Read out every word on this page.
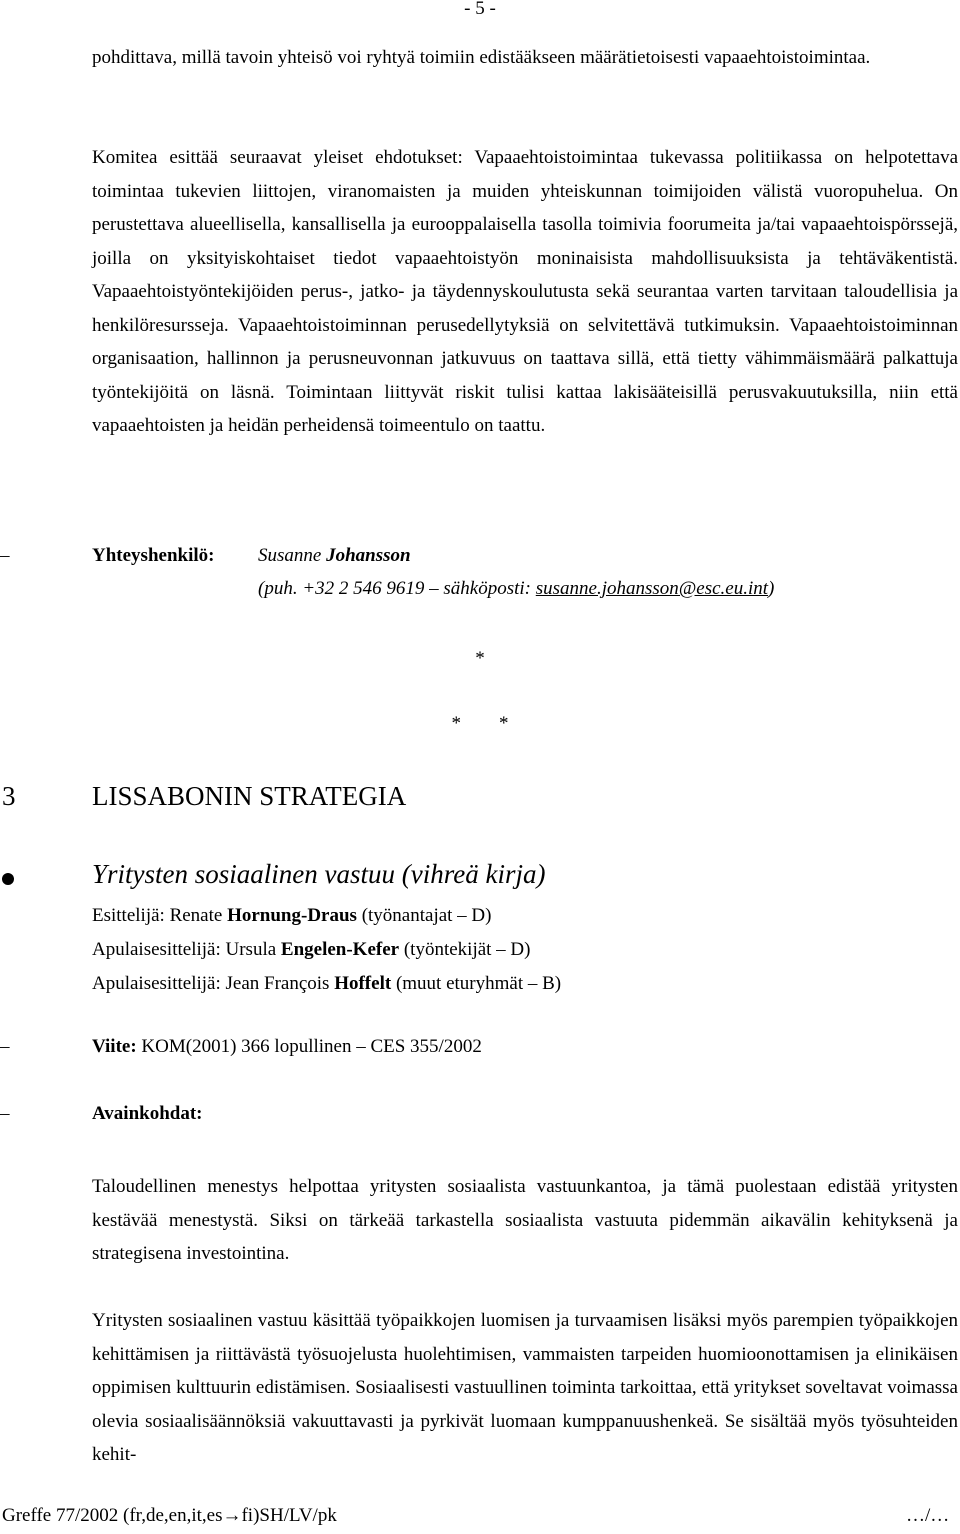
- 5 -
pohdittava, millä tavoin yhteisö voi ryhtyä toimiin edistääkseen määrätietoisesti vapaaehtoistoimintaa.
Komitea esittää seuraavat yleiset ehdotukset: Vapaaehtoistoimintaa tukevassa politiikassa on helpotettava toimintaa tukevien liittojen, viranomaisten ja muiden yhteiskunnan toimijoiden välistä vuoropuhelua. On perustettava alueellisella, kansallisella ja eurooppalaisella tasolla toimivia foorumeita ja/tai vapaaehtoispörssejä, joilla on yksityiskohtaiset tiedot vapaaehtoistyön moninaisista mahdollisuuksista ja tehtäväkentistä. Vapaaehtoistyöntekijöiden perus-, jatko- ja täydennyskoulutusta sekä seurantaa varten tarvitaan taloudellisia ja henkilöresursseja. Vapaaehtoistoiminnan perusedellytyksiä on selvitettävä tutkimuksin. Vapaaehtoistoiminnan organisaation, hallinnon ja perusneuvonnan jatkuvuus on taattava sillä, että tietty vähimmäismäärä palkattuja työntekijöitä on läsnä. Toimintaan liittyvät riskit tulisi kattaa lakisääteisillä perusvakuutuksilla, niin että vapaaehtoisten ja heidän perheidensä toimeentulo on taattu.
–	Yhteyshenkilö: Susanne Johansson
(puh. +32 2 546 9619 – sähköposti: susanne.johansson@esc.eu.int)
*
*        *
3	LISSABONIN STRATEGIA
Yritysten sosiaalinen vastuu (vihreä kirja)
Esittelijä: Renate Hornung-Draus (työnantajat – D)
Apulaisesittelijä: Ursula Engelen-Kefer (työntekijät – D)
Apulaisesittelijä: Jean François Hoffelt (muut eturyhmät – B)
–	Viite: KOM(2001) 366 lopullinen – CES 355/2002
–	Avainkohdat:
Taloudellinen menestys helpottaa yritysten sosiaalista vastuunkantoa, ja tämä puolestaan edistää yritysten kestävää menestystä. Siksi on tärkeää tarkastella sosiaalista vastuuta pidemmän aikavälin kehityksenä ja strategisena investointina.
Yritysten sosiaalinen vastuu käsittää työpaikkojen luomisen ja turvaamisen lisäksi myös parempien työpaikkojen kehittämisen ja riittävästä työsuojelusta huolehtimisen, vammaisten tarpeiden huomioonottamisen ja elinikäisen oppimisen kulttuurin edistämisen. Sosiaalisesti vastuullinen toiminta tarkoittaa, että yritykset soveltavat voimassa olevia sosiaalisäännöksiä vakuuttavasti ja pyrkivät luomaan kumppanuushenkeä. Se sisältää myös työsuhteiden kehit-
Greffe 77/2002 (fr,de,en,it,es→fi)SH/LV/pk	…/…
